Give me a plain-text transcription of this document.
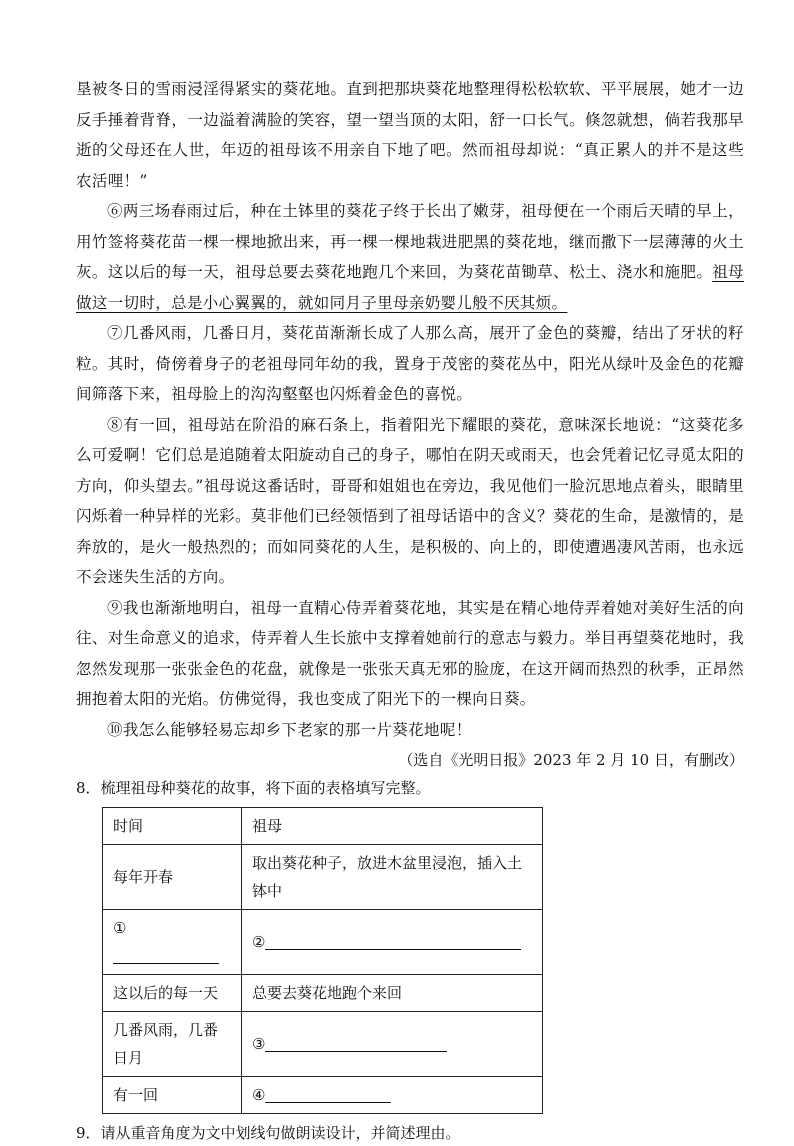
垦被冬日的雪雨浸淫得紧实的葵花地。直到把那块葵花地整理得松松软软、平平展展，她才一边反手捶着背脊，一边溢着满脸的笑容，望一望当顶的太阳，舒一口长气。倏忽就想，倘若我那早逝的父母还在人世，年迈的祖母该不用亲自下地了吧。然而祖母却说：“真正累人的并不是这些农活哩！”

⑥两三场春雨过后，种在土钵里的葵花子终于长出了嫩芽，祖母便在一个雨后天晴的早上，用竹签将葵花苗一棵一棵地掀出来，再一棵一棵地栽进肥黑的葵花地，继而撒下一层薄薄的火土灰。这以后的每一天，祖母总要去葵花地跑几个来回，为葵花苗锄草、松土、浇水和施肥。祖母做这一切时，总是小心翼翼的，就如同月子里母亲奶婴儿般不厌其烦。

⑦几番风雨，几番日月，葵花苗渐渐长成了人那么高，展开了金色的葵瓣，结出了牙状的籽粒。其时，倚傍着身子的老祖母同年幼的我，置身于茂密的葵花丛中，阳光从绿叶及金色的花瓣间筛落下来，祖母脸上的沟沟壑壑也闪烁着金色的喜悦。

⑧有一回，祖母站在阶沿的麻石条上，指着阳光下耀眼的葵花，意味深长地说：“这葵花多么可爱啊！它们总是追随着太阳旋动自己的身子，哪怕在阴天或雨天，也会凭着记忆寻觅太阳的方向，仰头望去。”祖母说这番话时，哥哥和姐姐也在旁边，我见他们一脸沉思地点着头，眼睛里闪烁着一种异样的光彩。莫非他们已经领悟到了祖母话语中的含义？葵花的生命，是激情的，是奔放的，是火一般热烈的；而如同葵花的人生，是积极的、向上的，即使遭遇凄风苦雨，也永远不会迷失生活的方向。

⑨我也渐渐地明白，祖母一直精心侍弄着葵花地，其实是在精心地侍弄着她对美好生活的向往、对生命意义的追求，侍弄着人生长旅中支撑着她前行的意志与毅力。举目再望葵花地时，我忽然发现那一张张金色的花盘，就像是一张张天真无邪的脸庞，在这开阔而热烈的秋季，正昂然拥抱着太阳的光焰。仿佛觉得，我也变成了阳光下的一棵向日葵。

⑩我怎么能够轻易忘却乡下老家的那一片葵花地呢！

（选自《光明日报》2023 年 2 月 10 日，有删改）

8．梳理祖母种葵花的故事，将下面的表格填写完整。

时间	祖母
每年开春	取出葵花种子，放进木盆里浸泡，插入土钵中
①	②
这以后的每一天	总要去葵花地跑个来回
几番风雨，几番日月	③
有一回	④

9．请从重音角度为文中划线句做朗读设计，并简述理由。
